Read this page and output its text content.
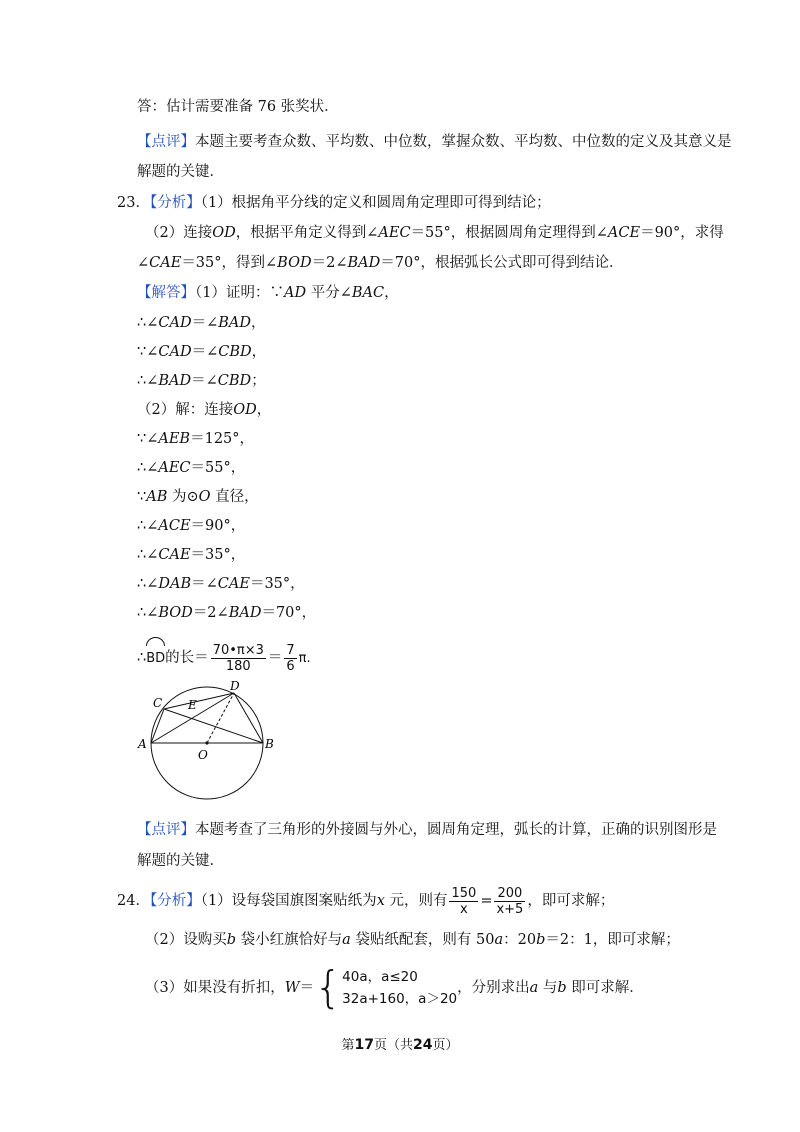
答：估计需要准备 76 张奖状．
【点评】本题主要考查众数、平均数、中位数，掌握众数、平均数、中位数的定义及其意义是
解题的关键．
23．【分析】（1）根据角平分线的定义和圆周角定理即可得到结论；
（2）连接OD，根据平角定义得到∠AEC＝55°，根据圆周角定理得到∠ACE＝90°，求得
∠CAE＝35°，得到∠BOD＝2∠BAD＝70°，根据弧长公式即可得到结论．
【解答】（1）证明：∵AD 平分∠BAC，
∴∠CAD＝∠BAD，
∵∠CAD＝∠CBD，
∴∠BAD＝∠CBD；
（2）解：连接OD，
∵∠AEB＝125°，
∴∠AEC＝55°，
∵AB 为⊙O 直径，
∴∠ACE＝90°，
∴∠CAE＝35°，
∴∠DAB＝∠CAE＝35°，
∴∠BOD＝2∠BAD＝70°，
∴BD的长＝ $\frac{70•\pi\times 3}{180} = \frac{7}{6} \pi$.
C
D
E
A
O
B
【点评】本题考查了三角形的外接圆与外心，圆周角定理，弧长的计算，正确的识别图形是
解题的关键．
24．【分析】（1）设每袋国旗图案贴纸为x 元，则有 $\frac{150}{x} = \frac{200}{x+5}$ ，即可求解；
（2）设购买b 袋小红旗恰好与a 袋贴纸配套，则有 50a：20b＝2：1，即可求解；
（3）如果没有折扣，W＝{ 40a，a≤20
32a+160，a＞20
，分别求出a 与b 即可求解．
第17页（共24页）
